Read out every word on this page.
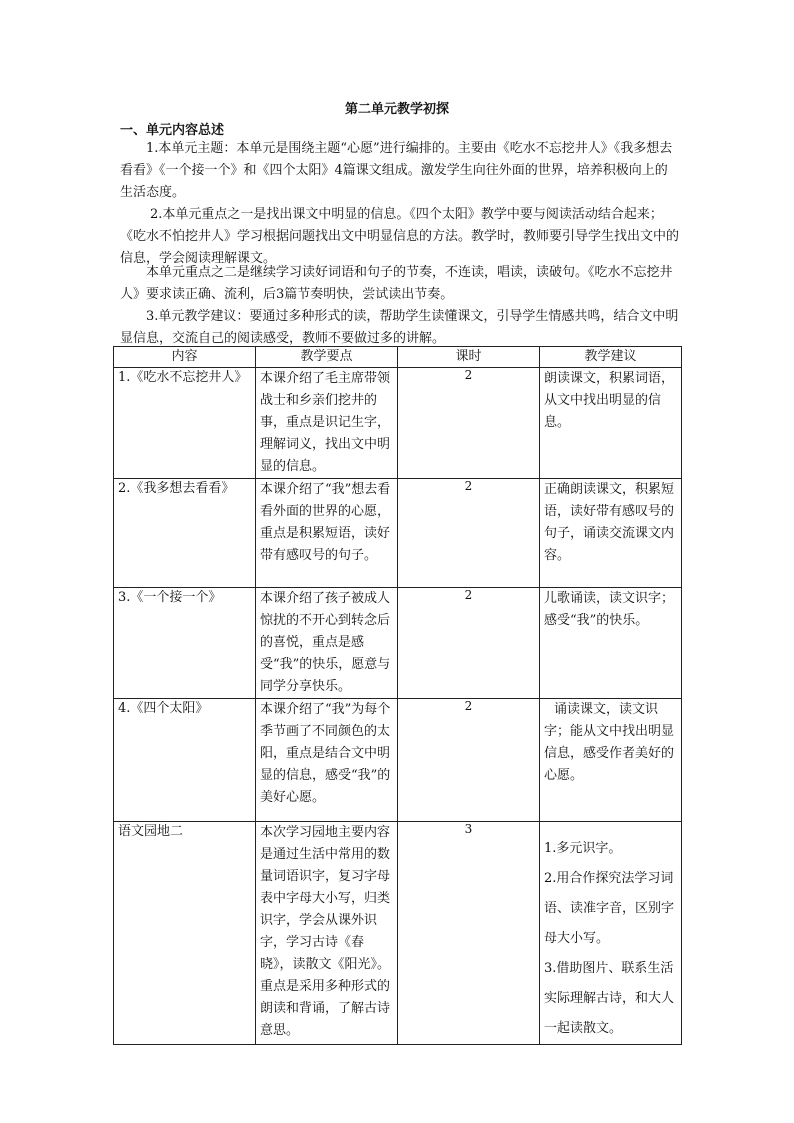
第二单元教学初探
一、单元内容总述

1.本单元主题：本单元是围绕主题“心愿”进行编排的。主要由《吃水不忘挖井人》《我多想去看看》《一个接一个》和《四个太阳》4篇课文组成。激发学生向往外面的世界，培养积极向上的生活态度。

2.本单元重点之一是找出课文中明显的信息。《四个太阳》教学中要与阅读活动结合起来；《吃水不怕挖井人》学习根据问题找出文中明显信息的方法。教学时，教师要引导学生找出文中的信息，学会阅读理解课文。

本单元重点之二是继续学习读好词语和句子的节奏，不连读，唱读，读破句。《吃水不忘挖井人》要求读正确、流利，后3篇节奏明快，尝试读出节奏。

3.单元教学建议：要通过多种形式的读，帮助学生读懂课文，引导学生情感共鸣，结合文中明显信息，交流自己的阅读感受，教师不要做过多的讲解。

内容	教学要点	课时	教学建议
1.《吃水不忘挖井人》	本课介绍了毛主席带领战士和乡亲们挖井的事，重点是识记生字，理解词义，找出文中明显的信息。	2	朗读课文，积累词语，从文中找出明显的信息。
2.《我多想去看看》	本课介绍了“我”想去看看外面的世界的心愿，重点是积累短语，读好带有感叹号的句子。	2	正确朗读课文，积累短语，读好带有感叹号的句子，诵读交流课文内容。
3.《一个接一个》	本课介绍了孩子被成人惊扰的不开心到转念后的喜悦，重点是感受“我”的快乐，愿意与同学分享快乐。	2	儿歌诵读，读文识字；感受“我”的快乐。
4.《四个太阳》	本课介绍了“我”为每个季节画了不同颜色的太阳，重点是结合文中明显的信息，感受“我”的美好心愿。	2	诵读课文，读文识字；能从文中找出明显信息，感受作者美好的心愿。
语文园地二	本次学习园地主要内容是通过生活中常用的数量词语识字，复习字母表中字母大小写，归类识字，学会从课外识字，学习古诗《春晓》，读散文《阳光》。重点是采用多种形式的朗读和背诵，了解古诗意思。	3	1.多元识字。
2.用合作探究法学习词语、读准字音，区别字母大小写。
3.借助图片、联系生活实际理解古诗，和大人一起读散文。
